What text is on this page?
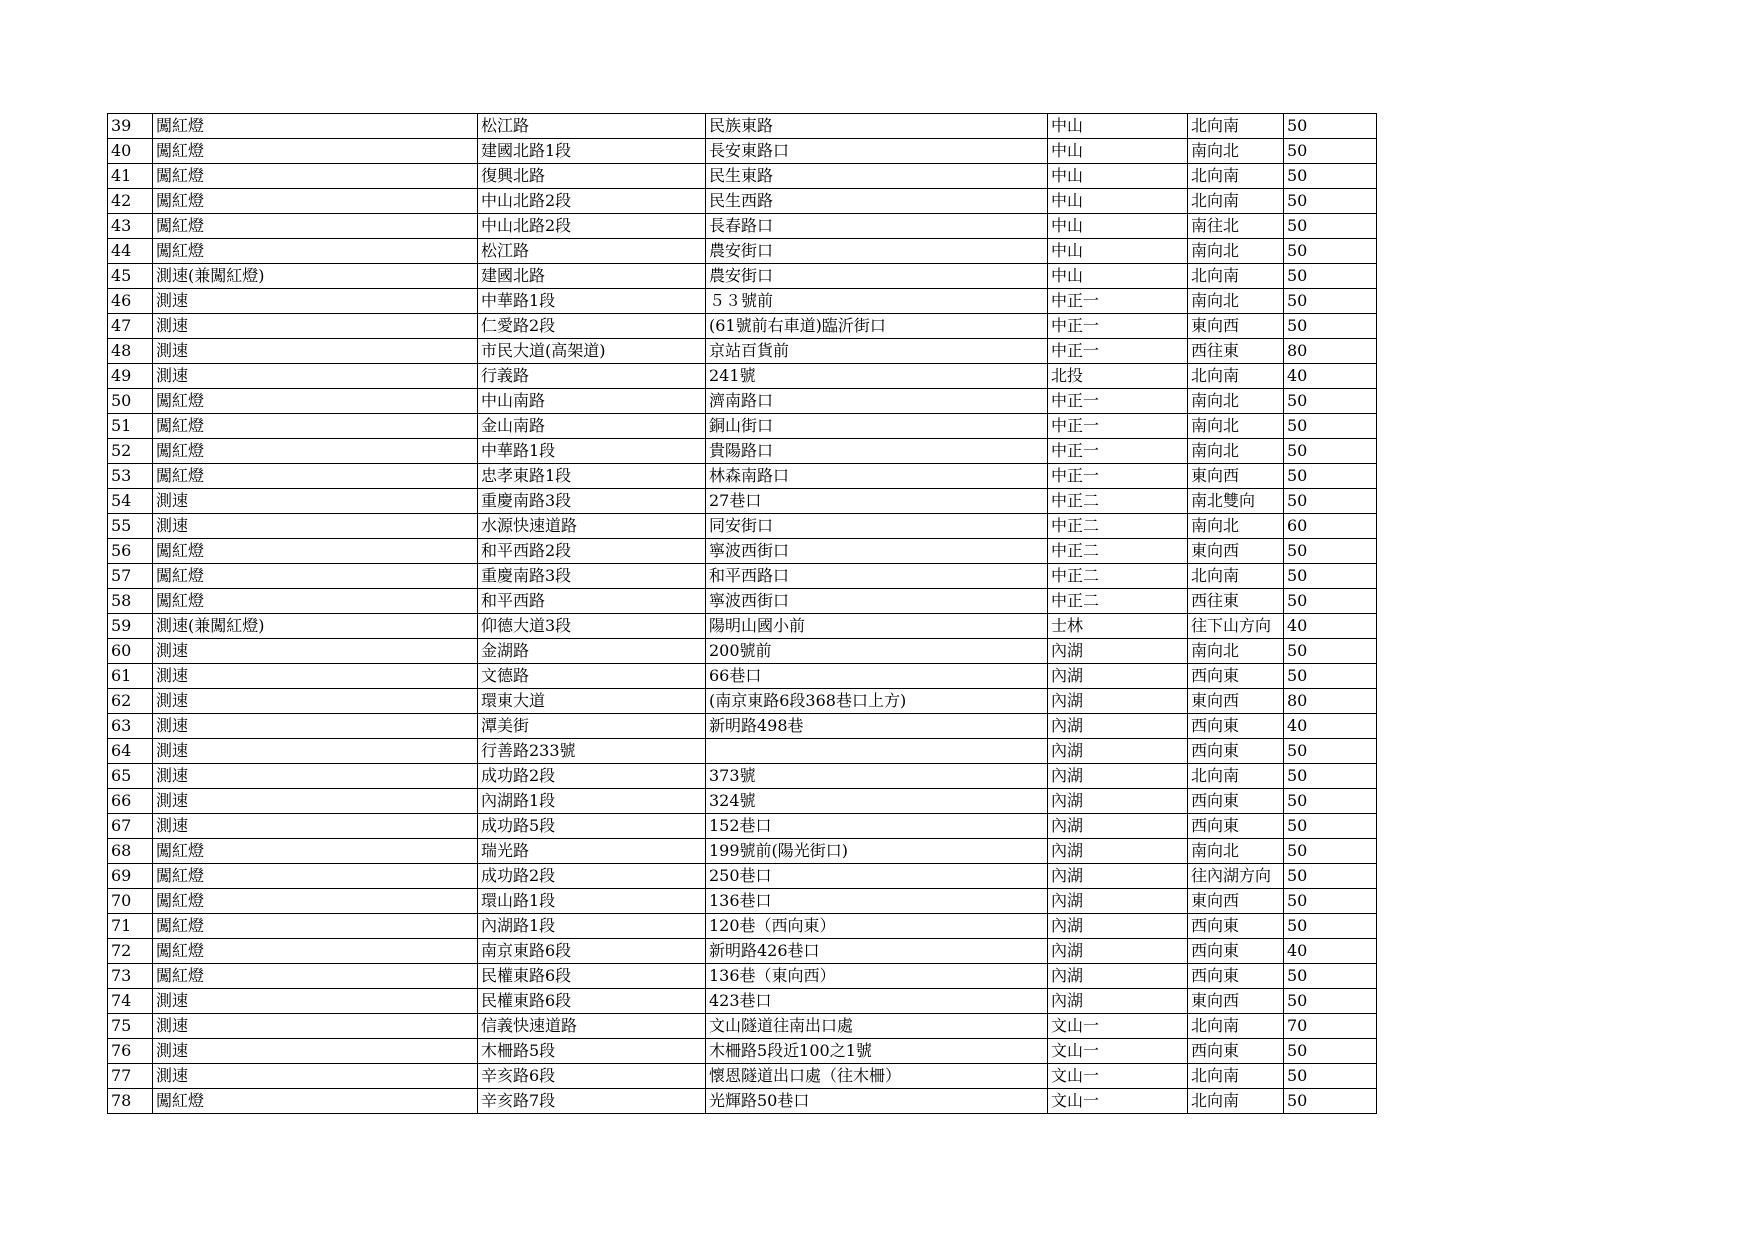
39	闖紅燈	松江路	民族東路	中山	北向南	50
40	闖紅燈	建國北路1段	長安東路口	中山	南向北	50
41	闖紅燈	復興北路	民生東路	中山	北向南	50
42	闖紅燈	中山北路2段	民生西路	中山	北向南	50
43	闖紅燈	中山北路2段	長春路口	中山	南往北	50
44	闖紅燈	松江路	農安街口	中山	南向北	50
45	測速(兼闖紅燈)	建國北路	農安街口	中山	北向南	50
46	測速	中華路1段	５３號前	中正一	南向北	50
47	測速	仁愛路2段	(61號前右車道)臨沂街口	中正一	東向西	50
48	測速	市民大道(高架道)	京站百貨前	中正一	西往東	80
49	測速	行義路	241號	北投	北向南	40
50	闖紅燈	中山南路	濟南路口	中正一	南向北	50
51	闖紅燈	金山南路	銅山街口	中正一	南向北	50
52	闖紅燈	中華路1段	貴陽路口	中正一	南向北	50
53	闖紅燈	忠孝東路1段	林森南路口	中正一	東向西	50
54	測速	重慶南路3段	27巷口	中正二	南北雙向	50
55	測速	水源快速道路	同安街口	中正二	南向北	60
56	闖紅燈	和平西路2段	寧波西街口	中正二	東向西	50
57	闖紅燈	重慶南路3段	和平西路口	中正二	北向南	50
58	闖紅燈	和平西路	寧波西街口	中正二	西往東	50
59	測速(兼闖紅燈)	仰德大道3段	陽明山國小前	士林	往下山方向	40
60	測速	金湖路	200號前	內湖	南向北	50
61	測速	文德路	66巷口	內湖	西向東	50
62	測速	環東大道	(南京東路6段368巷口上方)	內湖	東向西	80
63	測速	潭美街	新明路498巷	內湖	西向東	40
64	測速	行善路233號		內湖	西向東	50
65	測速	成功路2段	373號	內湖	北向南	50
66	測速	內湖路1段	324號	內湖	西向東	50
67	測速	成功路5段	152巷口	內湖	西向東	50
68	闖紅燈	瑞光路	199號前(陽光街口)	內湖	南向北	50
69	闖紅燈	成功路2段	250巷口	內湖	往內湖方向	50
70	闖紅燈	環山路1段	136巷口	內湖	東向西	50
71	闖紅燈	內湖路1段	120巷（西向東）	內湖	西向東	50
72	闖紅燈	南京東路6段	新明路426巷口	內湖	西向東	40
73	闖紅燈	民權東路6段	136巷（東向西）	內湖	西向東	50
74	測速	民權東路6段	423巷口	內湖	東向西	50
75	測速	信義快速道路	文山隧道往南出口處	文山一	北向南	70
76	測速	木柵路5段	木柵路5段近100之1號	文山一	西向東	50
77	測速	辛亥路6段	懷恩隧道出口處（往木柵）	文山一	北向南	50
78	闖紅燈	辛亥路7段	光輝路50巷口	文山一	北向南	50
